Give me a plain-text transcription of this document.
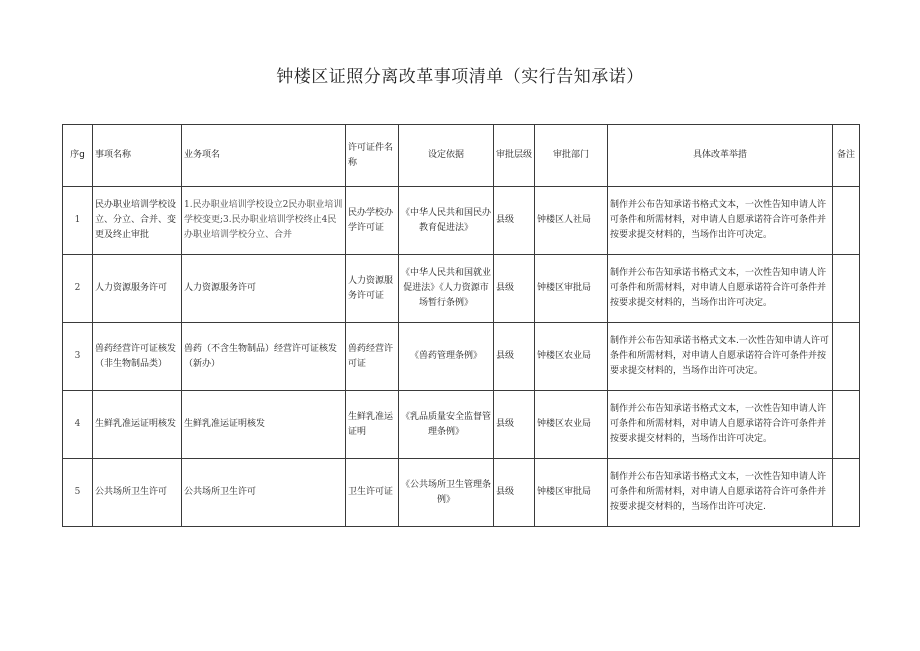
钟楼区证照分离改革事项清单（实行告知承诺）
序g	事项名称	业务项名	许可证件名称	设定依据	审批层级	审批部门	具体改革举措	备注
1	民办职业培训学校设立、分立、合并、变更及终止审批	1.民办职业培训学校设立2民办职业培训学校变更;3.民办职业培训学校终止4民办职业培训学校分立、合并	民办学校办学许可证	《中华人民共和国民办教育促进法》	县级	钟楼区人社局	制作并公布告知承诺书格式文本，一次性告知申请人许可条件和所需材料，对申请人自愿承诺符合许可条件并按要求提交材料的，当场作出许可决定。	
2	人力资源服务许可	人力资源服务许可	人力资源服务许可证	《中华人民共和国就业促进法》《人力资源市场暂行条例》	县级	钟楼区审批局	制作并公布告知承诺书格式文本，一次性告知申请人许可条件和所需材料，对申请人自愿承诺符合许可条件并按要求提交材料的，当场作出许可决定。	
3	兽药经营许可证核发（非生物制品类）	兽药（不含生物制品）经营许可证核发（新办）	兽药经营许可证	《兽药管理条例》	县级	钟楼区农业局	制作并公布告知承诺书格式文本.一次性告知申请人许可条件和所需材料，对申请人自愿承诺符合许可条件并按要求提交材料的，当场作出许可决定。	
4	生鲜乳准运证明核发	生鲜乳准运证明核发	生鲜乳准运证明	《乳品质量安全监督管理条例》	县级	钟楼区农业局	制作并公布告知承诺书格式文本，一次性告知申请人许可条件和所需材料，对申请人自愿承诺符合许可条件并按要求提交材料的，当场作出许可决定。	
5	公共场所卫生许可	公共场所卫生许可	卫生许可证	《公共场所卫生管理条例》	县级	钟楼区审批局	制作并公布告知承诺书格式文本，一次性告知申请人许可条件和所需材料，对申请人自愿承诺符合许可条件并按要求提交材料的，当场作出许可决定.	
